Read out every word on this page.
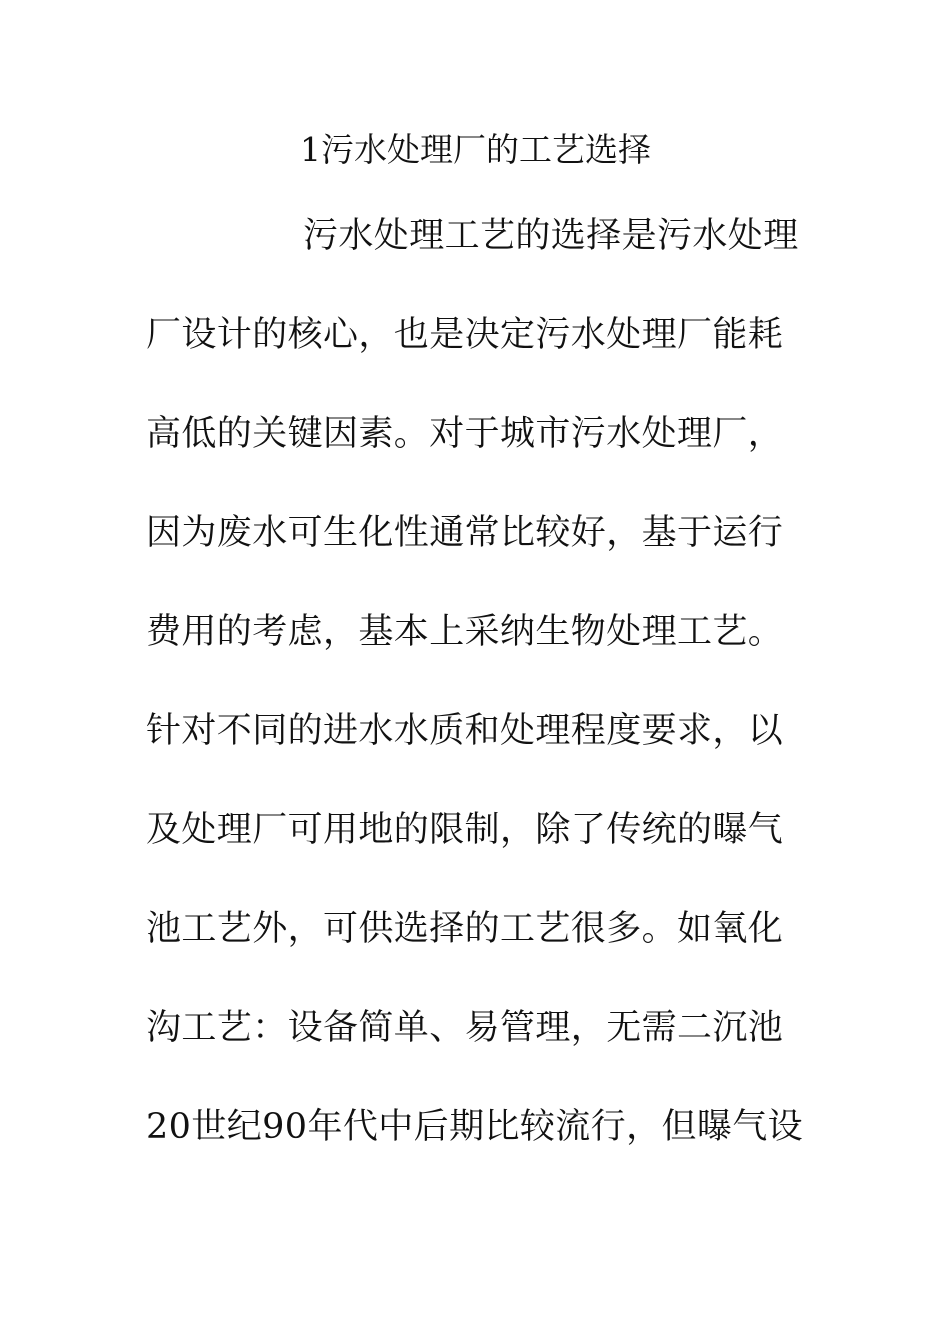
1污水处理厂的工艺选择
污水处理工艺的选择是污水处理
厂设计的核心，也是决定污水处理厂能耗
高低的关键因素。对于城市污水处理厂，
因为废水可生化性通常比较好，基于运行
费用的考虑，基本上采纳生物处理工艺。
针对不同的进水水质和处理程度要求，以
及处理厂可用地的限制，除了传统的曝气
池工艺外，可供选择的工艺很多。如氧化
沟工艺：设备简单、易管理，无需二沉池
20世纪90年代中后期比较流行，但曝气设
